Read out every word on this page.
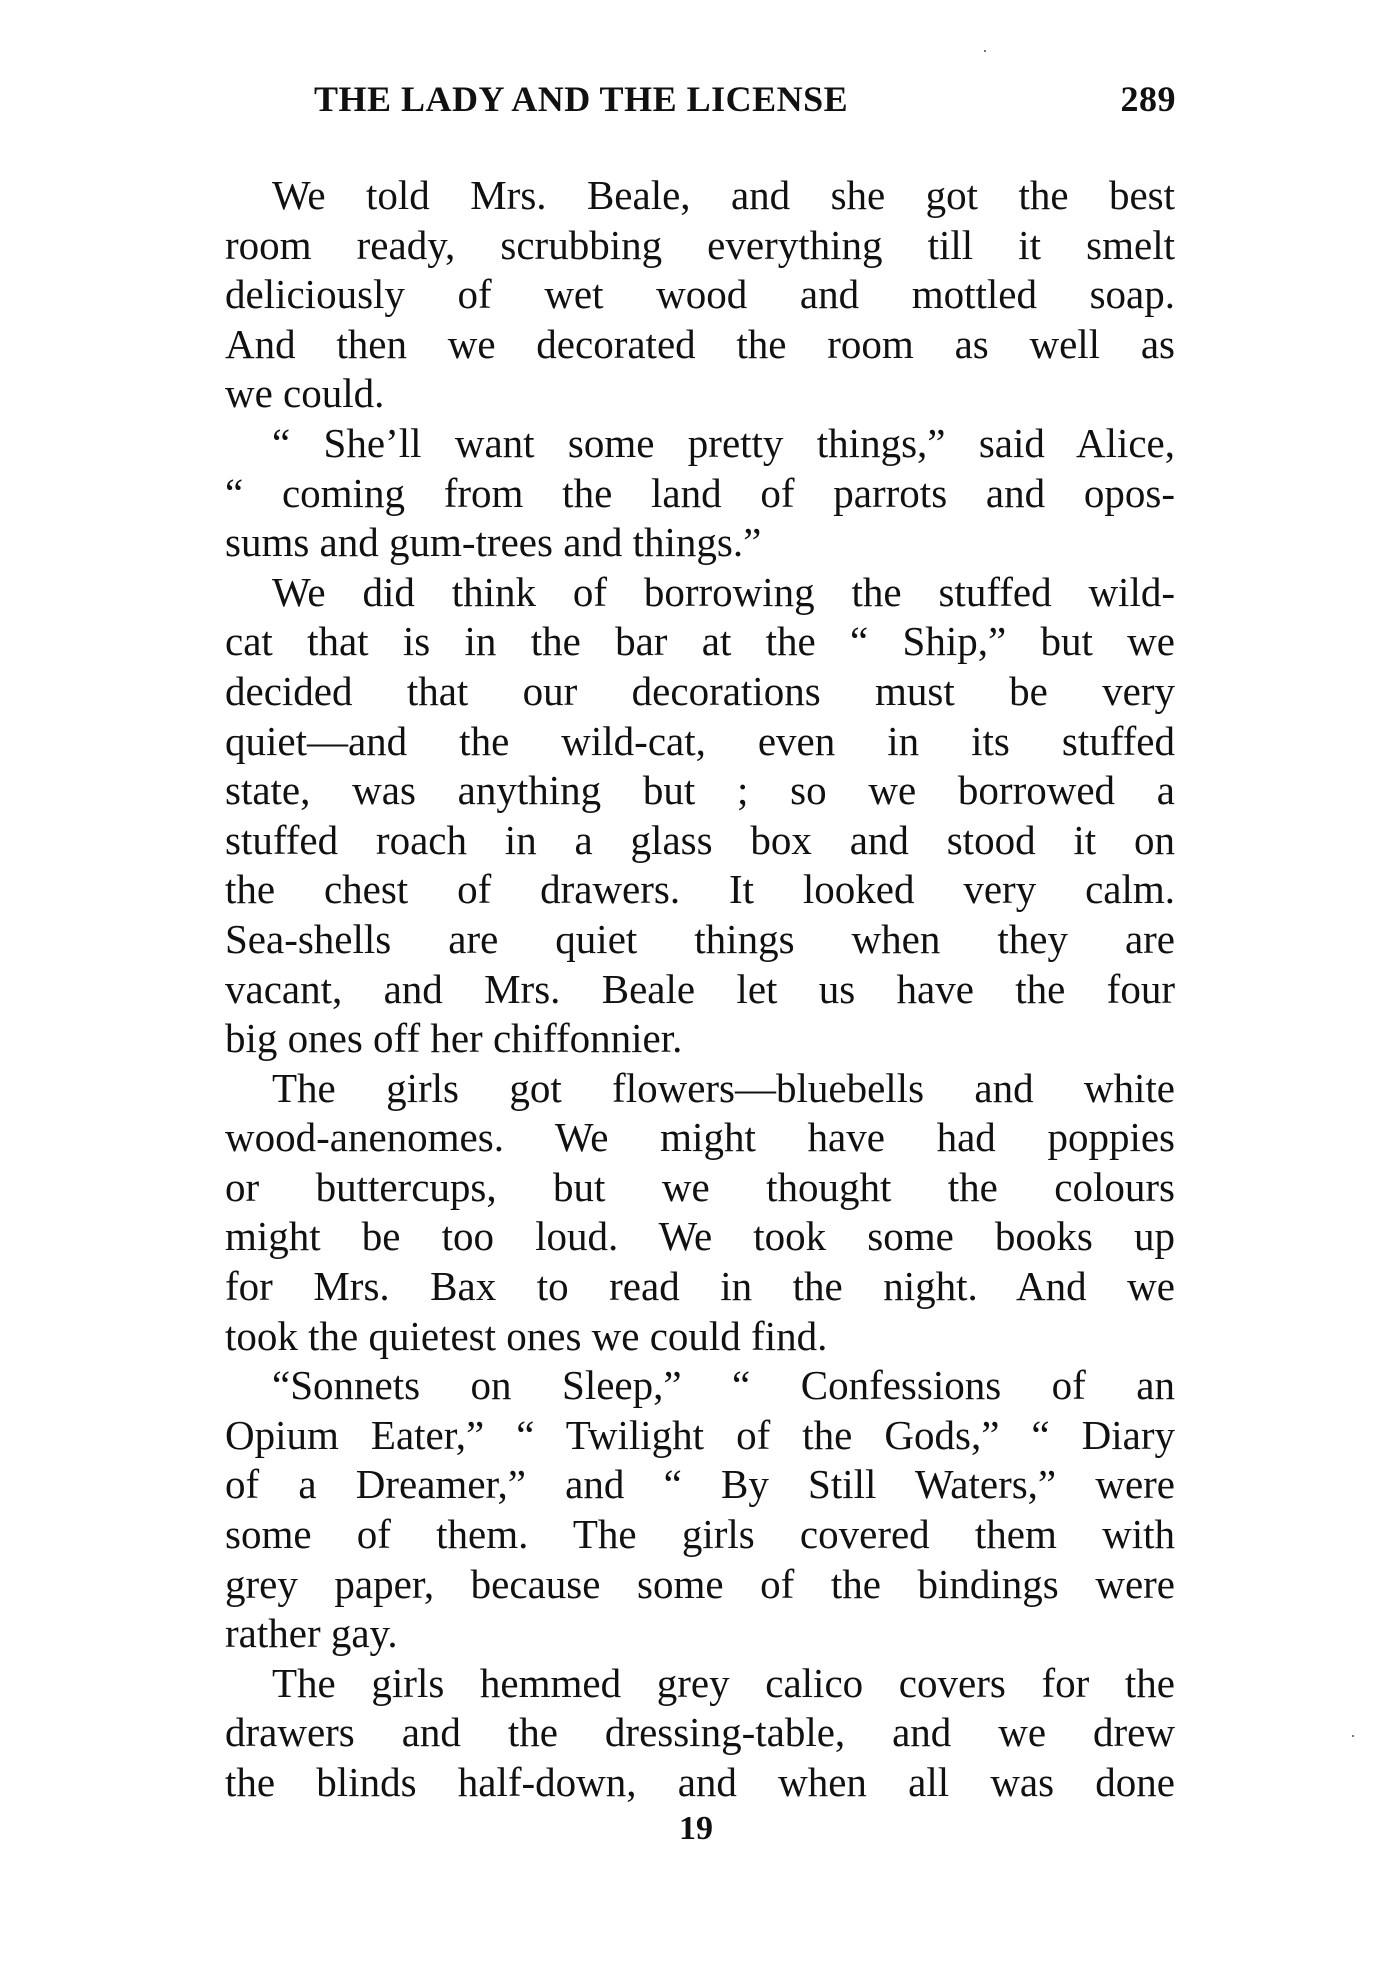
THE LADY AND THE LICENSE	289
We told Mrs. Beale, and she got the best
room ready, scrubbing everything till it smelt
deliciously of wet wood and mottled soap.
And then we decorated the room as well as
we could.
“ She’ll want some pretty things,” said Alice,
“ coming from the land of parrots and opos-
sums and gum-trees and things.”
We did think of borrowing the stuffed wild-
cat that is in the bar at the “ Ship,” but we
decided that our decorations must be very
quiet—and the wild-cat, even in its stuffed
state, was anything but ; so we borrowed a
stuffed roach in a glass box and stood it on
the chest of drawers. It looked very calm.
Sea-shells are quiet things when they are
vacant, and Mrs. Beale let us have the four
big ones off her chiffonnier.
The girls got flowers—bluebells and white
wood-anenomes. We might have had poppies
or buttercups, but we thought the colours
might be too loud. We took some books up
for Mrs. Bax to read in the night. And we
took the quietest ones we could find.
“Sonnets on Sleep,” “ Confessions of an
Opium Eater,” “ Twilight of the Gods,” “ Diary
of a Dreamer,” and “ By Still Waters,” were
some of them. The girls covered them with
grey paper, because some of the bindings were
rather gay.
The girls hemmed grey calico covers for the
drawers and the dressing-table, and we drew
the blinds half-down, and when all was done
19
